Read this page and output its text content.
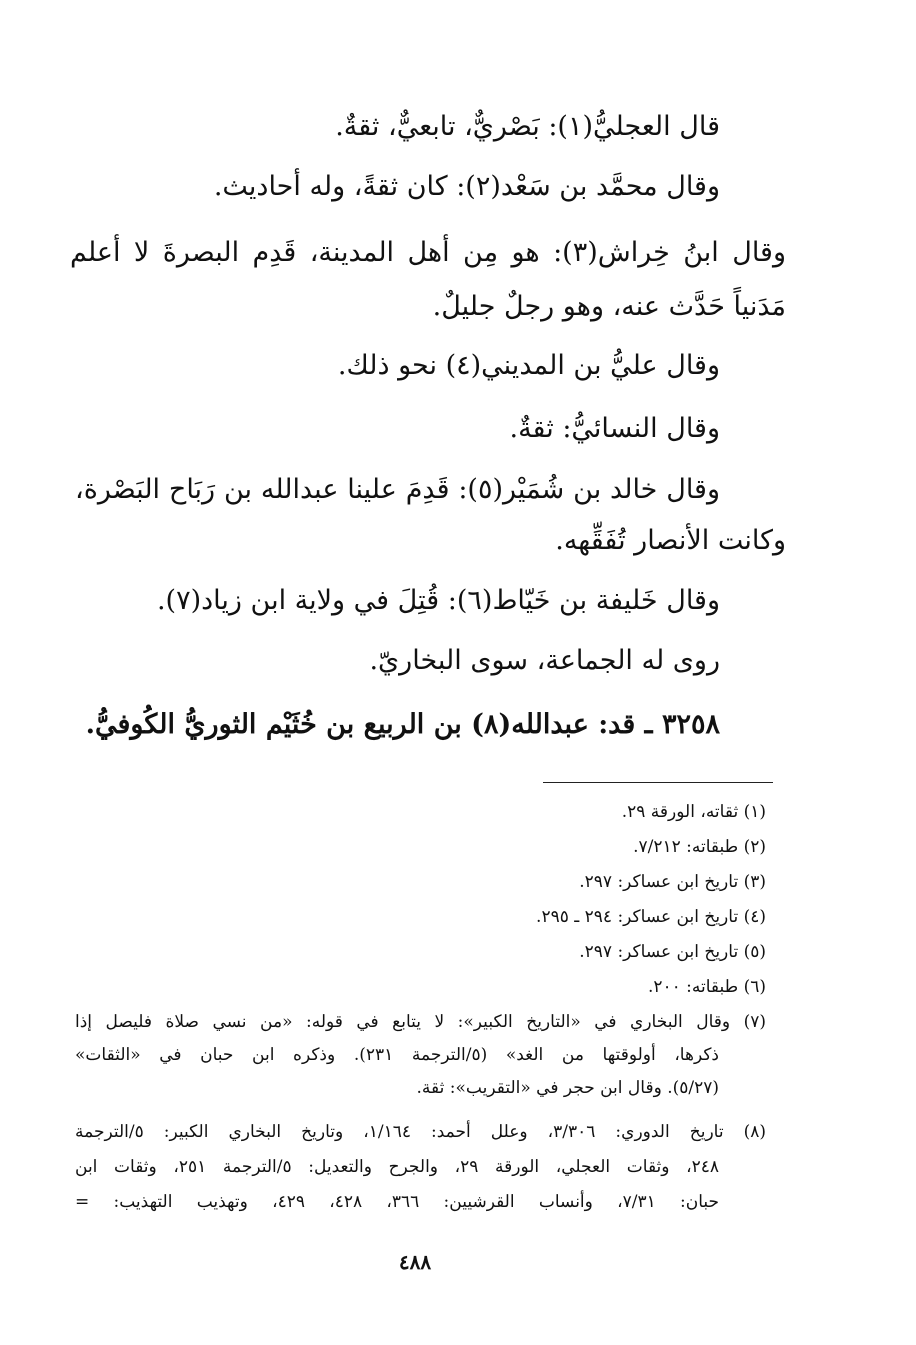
قال العجليُّ(١): بَصْريٌّ، تابعيٌّ، ثقةٌ.
وقال محمَّد بن سَعْد(٢): كان ثقةً، وله أحاديث.
وقال ابنُ خِراش(٣): هو مِن أهل المدينة، قَدِم البصرةَ لا أعلم
مَدَنياً حَدَّث عنه، وهو رجلٌ جليلٌ.
وقال عليُّ بن المديني(٤) نحو ذلك.
وقال النسائيُّ: ثقةٌ.
وقال خالد بن شُمَيْر(٥): قَدِمَ علينا عبدالله بن رَبَاح البَصْرة،
وكانت الأنصار تُفَقِّهه.
وقال خَليفة بن خَيّاط(٦): قُتِلَ في ولاية ابن زياد(٧).
روى له الجماعة، سوى البخاريّ.
٣٢٥٨ ـ قد: عبدالله(٨) بن الربيع بن خُثَيْم الثوريُّ الكُوفيُّ.
(١) ثقاته، الورقة ٢٩.
(٢) طبقاته: ٧/٢١٢.
(٣) تاريخ ابن عساكر: ٢٩٧.
(٤) تاريخ ابن عساكر: ٢٩٤ ـ ٢٩٥.
(٥) تاريخ ابن عساكر: ٢٩٧.
(٦) طبقاته: ٢٠٠.
(٧) وقال البخاري في «التاريخ الكبير»: لا يتابع في قوله: «من نسي صلاة فليصل إذا
ذكرها، أولوقتها من الغد» (٥/الترجمة ٢٣١). وذكره ابن حبان في «الثقات»
(٥/٢٧). وقال ابن حجر في «التقريب»: ثقة.
(٨) تاريخ الدوري: ٣/٣٠٦، وعلل أحمد: ١/١٦٤، وتاريخ البخاري الكبير: ٥/الترجمة
٢٤٨، وثقات العجلي، الورقة ٢٩، والجرح والتعديل: ٥/الترجمة ٢٥١، وثقات ابن
حبان: ٧/٣١، وأنساب القرشيين: ٣٦٦، ٤٢٨، ٤٢٩، وتهذيب التهذيب: =
٤٨٨
